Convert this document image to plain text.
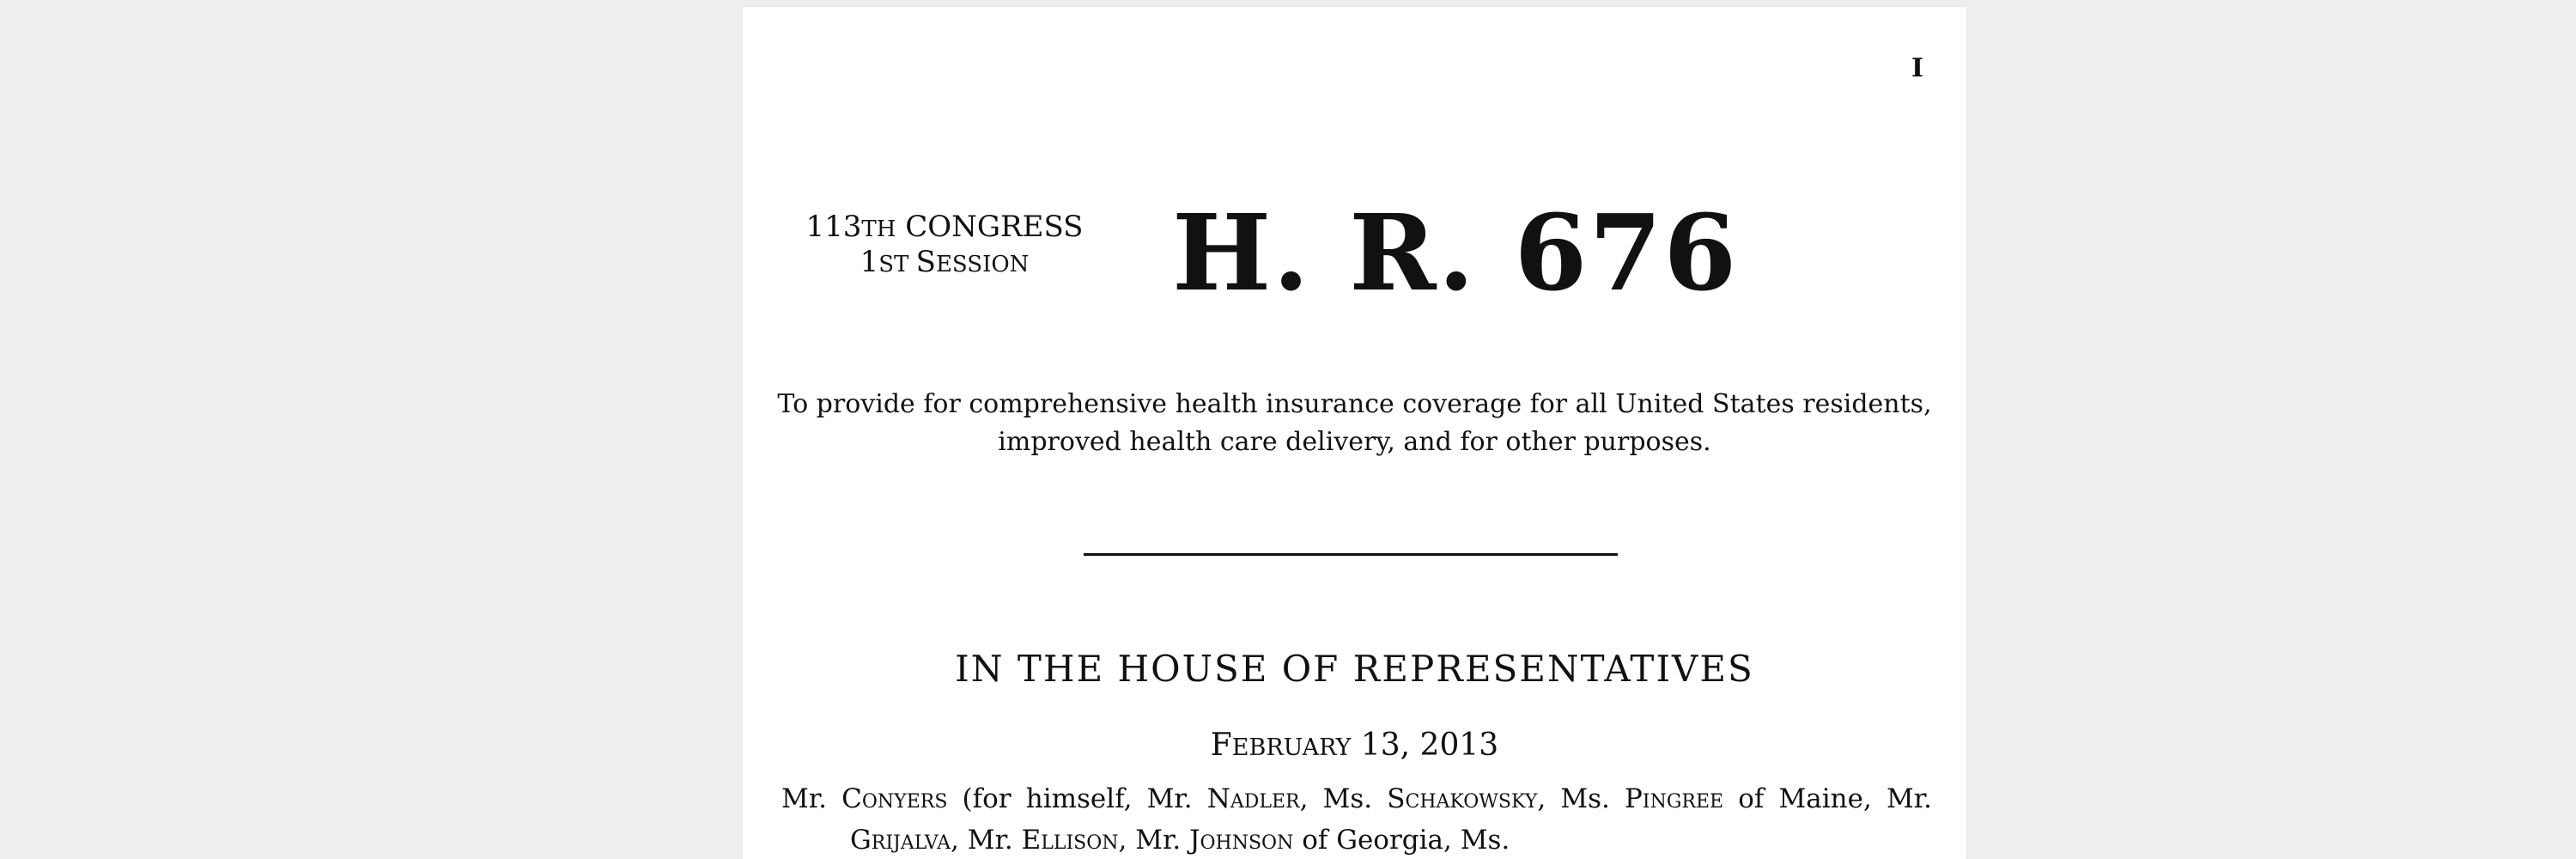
I
113TH CONGRESS
1ST SESSION	H. R. 676
To provide for comprehensive health insurance coverage for all United States residents, improved health care delivery, and for other purposes.
IN THE HOUSE OF REPRESENTATIVES
FEBRUARY 13, 2013
Mr. Conyers (for himself, Mr. Nadler, Ms. Schakowsky, Ms. Pingree of Maine, Mr. Grijalva, Mr. Ellison, Mr. Johnson of Georgia, Ms.
